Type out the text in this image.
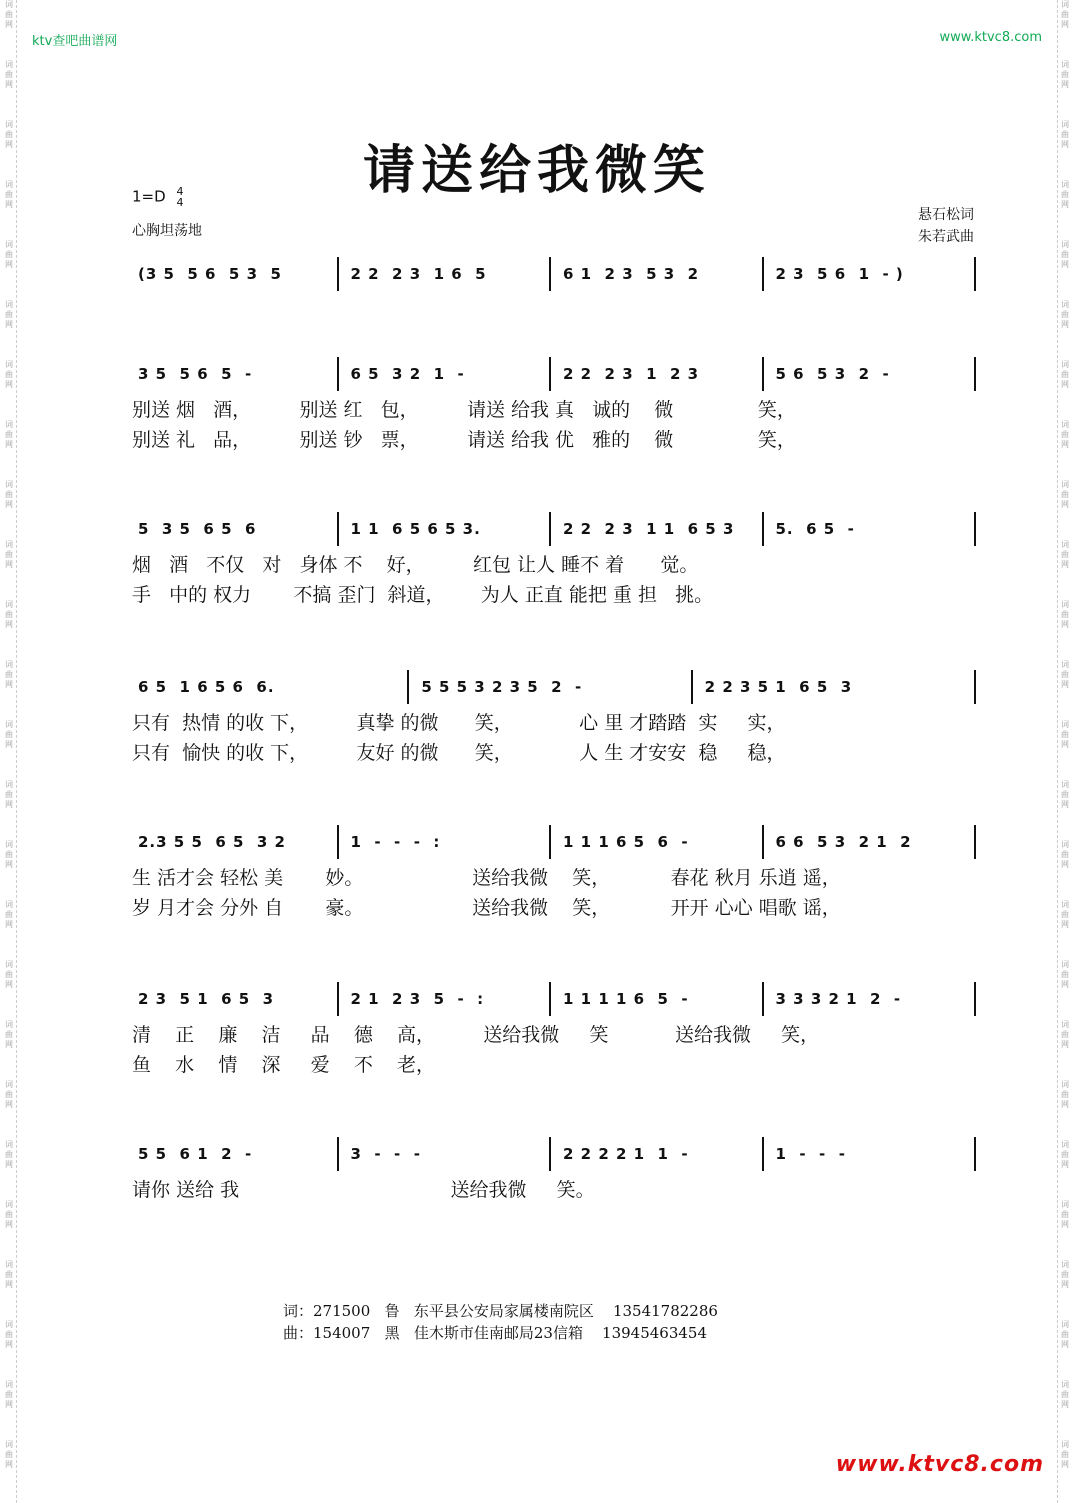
词
曲
网
词
曲
网
词
曲
网
词
曲
网
词
曲
网
词
曲
网
词
曲
网
词
曲
网
词
曲
网
词
曲
网
词
曲
网
词
曲
网
词
曲
网
词
曲
网
词
曲
网
词
曲
网
词
曲
网
词
曲
网
词
曲
网
词
曲
网
词
曲
网
词
曲
网
词
曲
网
词
曲
网
词
曲
网
词
曲
网
词
曲
网
词
曲
网
词
曲
网
词
曲
网
词
曲
网
词
曲
网
词
曲
网
词
曲
网
词
曲
网
词
曲
网
词
曲
网
词
曲
网
词
曲
网
词
曲
网
词
曲
网
词
曲
网
词
曲
网
词
曲
网
词
曲
网
词
曲
网
词
曲
网
词
曲
网
词
曲
网
词
曲
网
ktv查吧曲谱网	www.ktvc8.com
请送给我微笑
1=D 4
4
心胸坦荡地
悬石松词
朱若武曲
(3 5  5 6  5 3  5	2 2  2 3  1 6  5	6 1  2 3  5 3  2	2 3  5 6  1  - )
3 5  5 6  5  -	6 5  3 2  1  -	2 2  2 3  1  2 3	5 6  5 3  2  -
别送 烟   酒，        别送 红   包，        请送 给我 真   诚的    微              笑，
别送 礼   品，        别送 钞   票，        请送 给我 优   雅的    微              笑，
5  3 5  6 5  6	1 1  6 5 6 5 3.	2 2  2 3  1 1  6 5 3	5.  6 5  -
烟   酒   不仅   对   身体 不    好，        红包 让人 睡不 着      觉。
手   中的 权力       不搞 歪门  斜道，      为人 正直 能把 重 担   挑。
6 5  1 6 5 6  6.	5 5 5 3 2 3 5  2  -	2 2 3 5 1  6 5  3
只有  热情 的收 下，        真挚 的微      笑，           心 里 才踏踏  实     实，
只有  愉快 的收 下，        友好 的微      笑，           人 生 才安安  稳     稳，
2.3 5 5  6 5  3 2	1  -  -  -  :	1 1 1 6 5  6  -	6 6  5 3  2 1  2
生 活才会 轻松 美       妙。                  送给我微    笑，          春花 秋月 乐逍 遥，
岁 月才会 分外 自       豪。                  送给我微    笑，          开开 心心 唱歌 谣，
2 3  5 1  6 5  3	2 1  2 3  5  -  :	1 1 1 1 6  5  -	3 3 3 2 1  2  -
清    正    廉    洁     品    德    高，        送给我微     笑           送给我微     笑，
鱼    水    情    深     爱    不    老，
5 5  6 1  2  -	3  -  -  -	2 2 2 2 1  1  -	1  -  -  -
请你 送给 我                                   送给我微     笑。
词：271500   鲁   东平县公安局家属楼南院区    13541782286
曲：154007   黑   佳木斯市佳南邮局23信箱    13945463454
www.ktvc8.com
